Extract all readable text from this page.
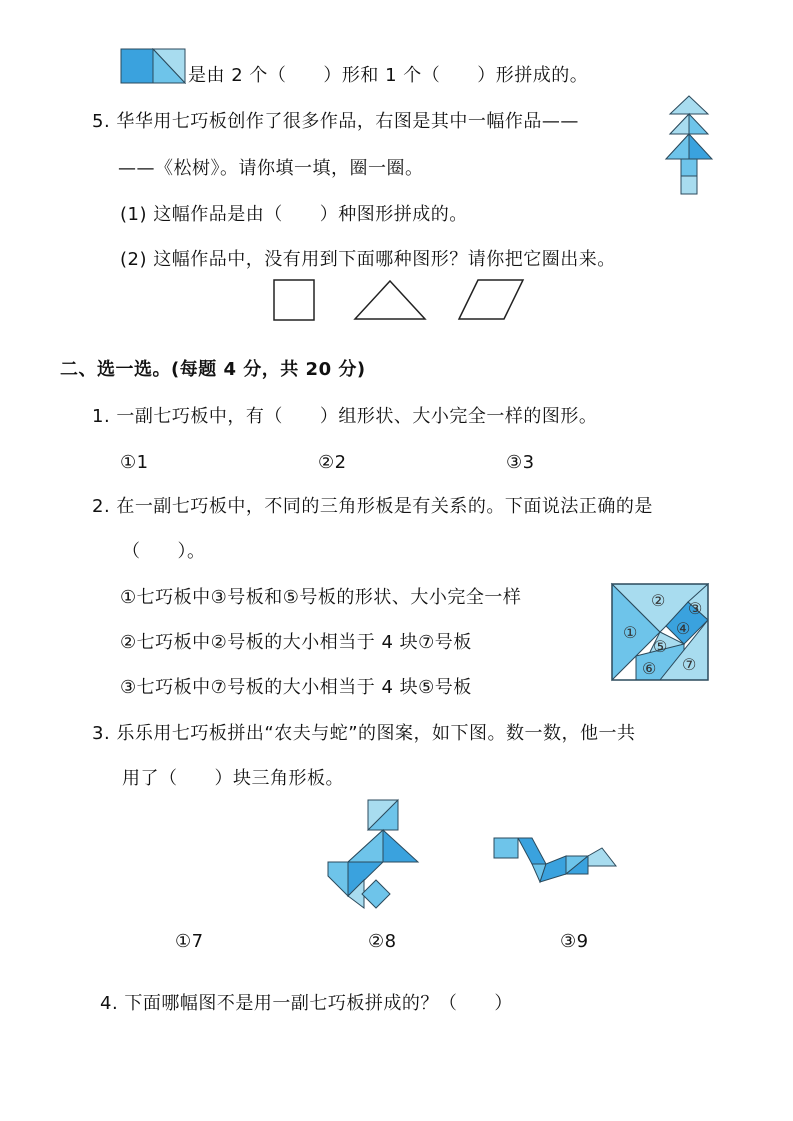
是由 2 个（　　）形和 1 个（　　）形拼成的。
5. 华华用七巧板创作了很多作品，右图是其中一幅作品——
——《松树》。请你填一填，圈一圈。
(1) 这幅作品是由（　　）种图形拼成的。
(2) 这幅作品中，没有用到下面哪种图形？请你把它圈出来。
二、选一选。(每题 4 分，共 20 分)
1. 一副七巧板中，有（　　）组形状、大小完全一样的图形。
①1	②2	③3
2. 在一副七巧板中，不同的三角形板是有关系的。下面说法正确的是
（　　）。
①七巧板中③号板和⑤号板的形状、大小完全一样
②七巧板中②号板的大小相当于 4 块⑦号板
③七巧板中⑦号板的大小相当于 4 块⑤号板
①
② ③
④
⑤
⑥ ⑦
3. 乐乐用七巧板拼出“农夫与蛇”的图案，如下图。数一数，他一共
用了（　　）块三角形板。
①7	②8	③9
4. 下面哪幅图不是用一副七巧板拼成的？（　　）
